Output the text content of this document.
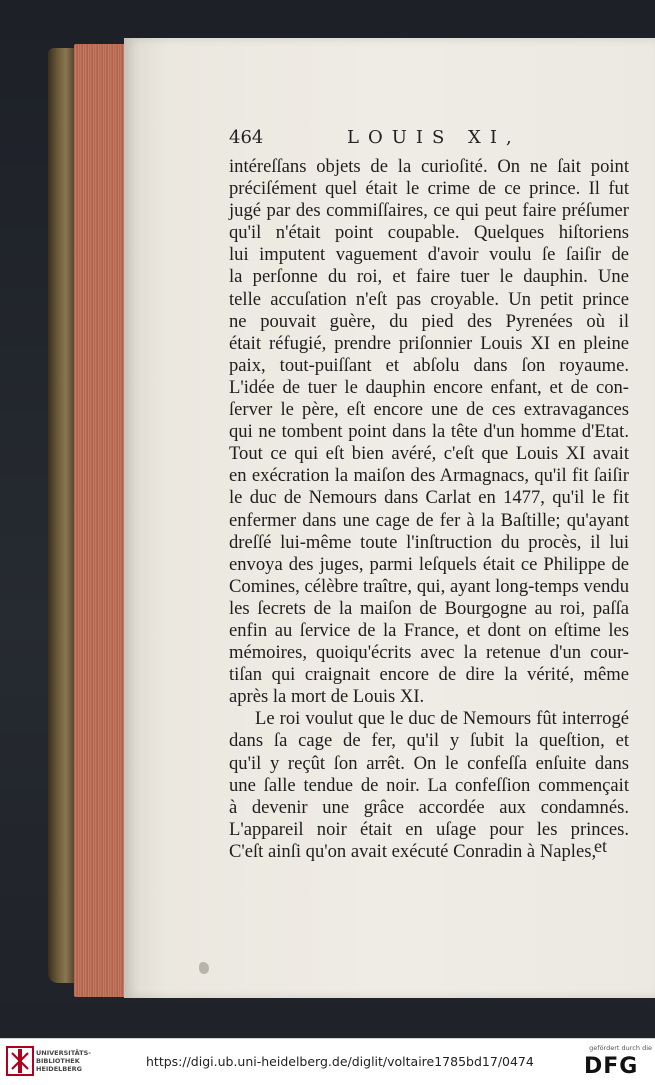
464	LOUIS XI,
intéreſſans objets de la curioſité. On ne ſait point
préciſément quel était le crime de ce prince. Il fut
jugé par des commiſſaires, ce qui peut faire préſumer
qu'il n'était point coupable. Quelques hiſtoriens
lui imputent vaguement d'avoir voulu ſe ſaiſir de
la perſonne du roi, et faire tuer le dauphin. Une
telle accuſation n'eſt pas croyable. Un petit prince
ne pouvait guère, du pied des Pyrenées où il
était réfugié, prendre priſonnier Louis XI en pleine
paix, tout-puiſſant et abſolu dans ſon royaume.
L'idée de tuer le dauphin encore enfant, et de con-
ſerver le père, eſt encore une de ces extravagances
qui ne tombent point dans la tête d'un homme d'Etat.
Tout ce qui eſt bien avéré, c'eſt que Louis XI avait
en exécration la maiſon des Armagnacs, qu'il fit ſaiſir
le duc de Nemours dans Carlat en 1477, qu'il le fit
enfermer dans une cage de fer à la Baſtille; qu'ayant
dreſſé lui-même toute l'inſtruction du procès, il lui
envoya des juges, parmi leſquels était ce Philippe de
Comines, célèbre traître, qui, ayant long-temps vendu
les ſecrets de la maiſon de Bourgogne au roi, paſſa
enfin au ſervice de la France, et dont on eſtime les
mémoires, quoiqu'écrits avec la retenue d'un cour-
tiſan qui craignait encore de dire la vérité, même
après la mort de Louis XI.
Le roi voulut que le duc de Nemours fût interrogé
dans ſa cage de fer, qu'il y ſubit la queſtion, et
qu'il y reçût ſon arrêt. On le confeſſa enſuite dans
une ſalle tendue de noir. La confeſſion commençait
à devenir une grâce accordée aux condamnés.
L'appareil noir était en uſage pour les princes.
C'eſt ainſi qu'on avait exécuté Conradin à Naples,
et
UNIVERSITÄTS-
BIBLIOTHEK
HEIDELBERG	https://digi.ub.uni-heidelberg.de/diglit/voltaire1785bd17/0474
gefördert durch die
DFG
